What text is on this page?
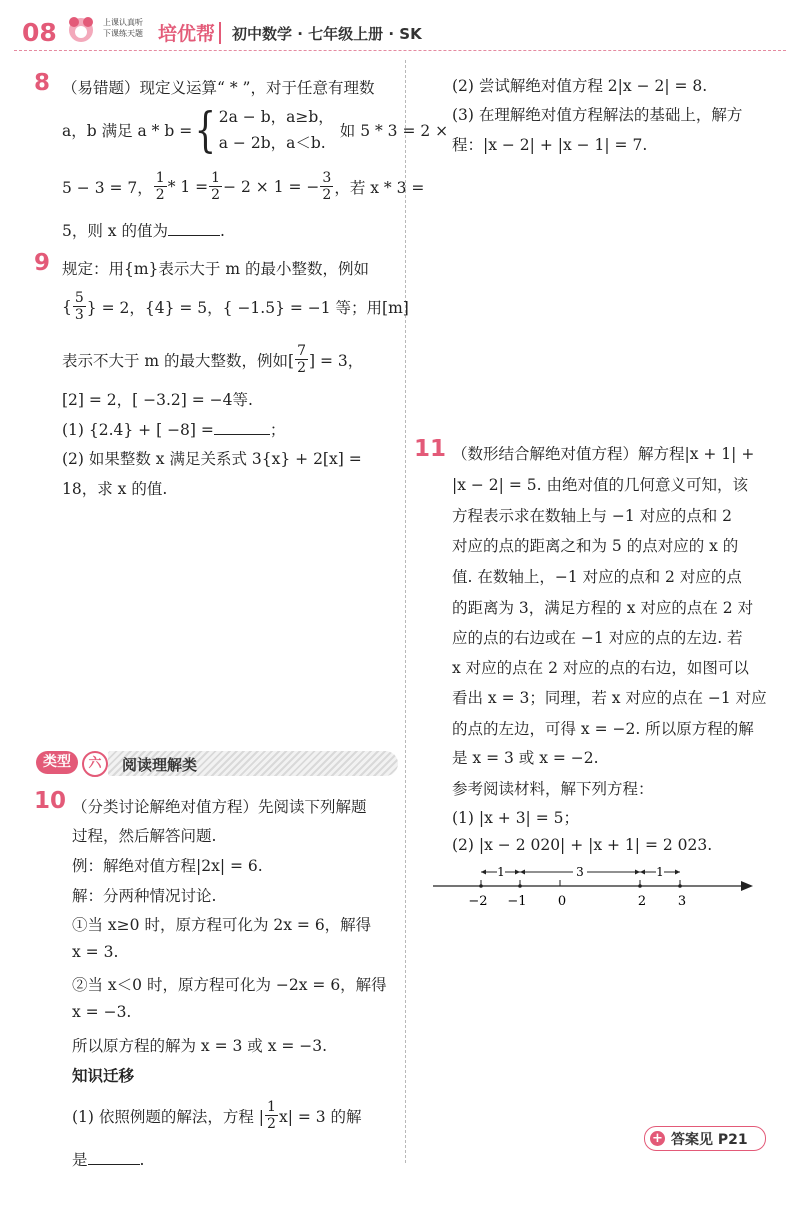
08	上课认真听
下课练天题 培优帮 初中数学 · 七年级上册 · SK
8 （易错题）现定义运算“ * ”，对于任意有理数
a，b 满足 a * b = { 2a − b，a≥b，
a − 2b，a＜b.
如 5 * 3 = 2 ×
5 − 3 = 7， $\frac{1}{2} * 1 = \frac{1}{2} - 2 \times 1$ = − $\frac{3}{2}$ ，若 x * 3 =
5，则 x 的值为	.
9 规定：用{m}表示大于 m 的最小整数，例如
{ $\frac{5}{3}$ } = 2，{4} = 5，{ −1.5} = −1 等；用[m]
表示不大于 m 的最大整数，例如[ $\frac{7}{2}$ ] = 3，
[2] = 2，[ −3.2] = −4等.
(1) {2.4} + [ −8] =	；
(2) 如果整数 x 满足关系式 3{x} + 2[x] =
18，求 x 的值.
类型	六	阅读理解类
10 （分类讨论解绝对值方程）先阅读下列解题
过程，然后解答问题.
例：解绝对值方程|2x| = 6.
解：分两种情况讨论.
①当 x≥0 时，原方程可化为 2x = 6，解得
x = 3.
②当 x＜0 时，原方程可化为 −2x = 6，解得
x = −3.
所以原方程的解为 x = 3 或 x = −3.
知识迁移
(1) 依照例题的解法，方程 | $\frac{1}{2} x| = 3$ 的解
是	.
(2) 尝试解绝对值方程 2|x − 2| = 8.
(3) 在理解绝对值方程解法的基础上，解方
程：|x − 2| + |x − 1| = 7.
11 （数形结合解绝对值方程）解方程|x + 1| +
|x − 2| = 5. 由绝对值的几何意义可知，该
方程表示求在数轴上与 −1 对应的点和 2
对应的点的距离之和为 5 的点对应的 x 的
值. 在数轴上，−1 对应的点和 2 对应的点
的距离为 3，满足方程的 x 对应的点在 2 对
应的点的右边或在 −1 对应的点的左边. 若
x 对应的点在 2 对应的点的右边，如图可以
看出 x = 3；同理，若 x 对应的点在 −1 对应
的点的左边，可得 x = −2. 所以原方程的解
是 x = 3 或 x = −2.
参考阅读材料，解下列方程：
(1) |x + 3| = 5；
(2) |x − 2 020| + |x + 1| = 2 023.
1	3	1
−2 −1 0	2 3
+ 答案见 P21
